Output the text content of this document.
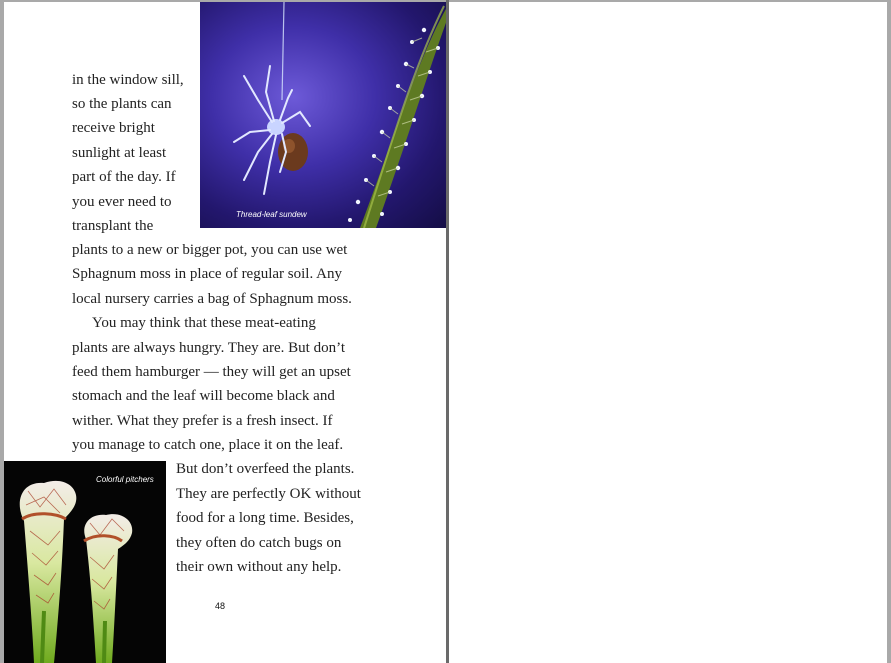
Thread-leaf sundew
Colorful pitchers
in the window sill,
so the plants can
receive bright
sunlight at least
part of the day. If
you ever need to
transplant the
plants to a new or bigger pot, you can use wet
Sphagnum moss in place of regular soil. Any
local nursery carries a bag of Sphagnum moss.
You may think that these meat-eating
plants are always hungry. They are. But don’t
feed them hamburger — they will get an upset
stomach and the leaf will become black and
wither. What they prefer is a fresh insect. If
you manage to catch one, place it on the leaf.
But don’t overfeed the plants.
They are perfectly OK without
food for a long time. Besides,
they often do catch bugs on
their own without any help.
48
